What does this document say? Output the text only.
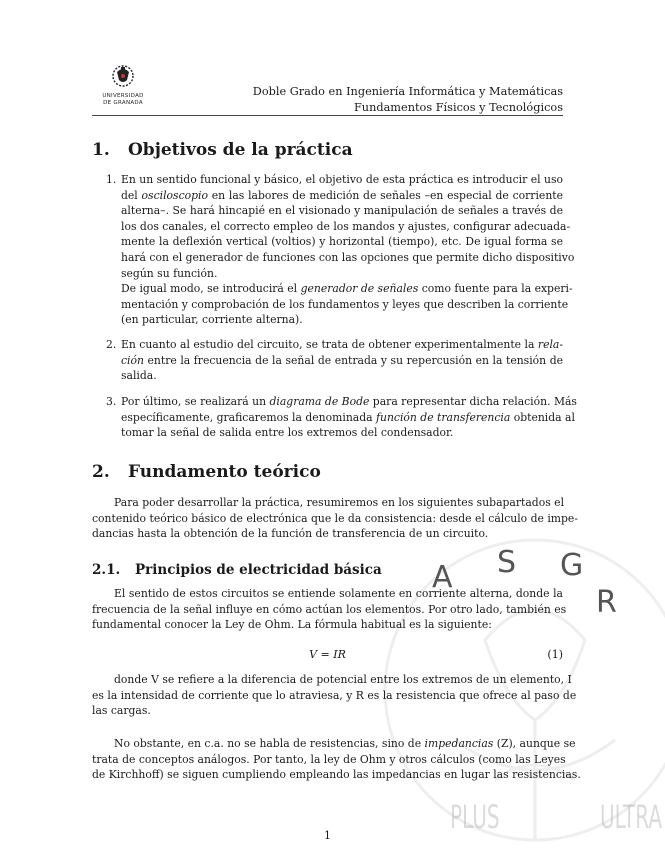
A S G
R
PLUS	ULTRA
UNIVERSIDAD
DE GRANADA
Doble Grado en Ingeniería Informática y Matemáticas
Fundamentos Físicos y Tecnológicos
1. Objetivos de la práctica
1. En un sentido funcional y básico, el objetivo de esta práctica es introducir el uso
del osciloscopio en las labores de medición de señales –en especial de corriente
alterna–. Se hará hincapié en el visionado y manipulación de señales a través de
los dos canales, el correcto empleo de los mandos y ajustes, configurar adecuada-
mente la deflexión vertical (voltios) y horizontal (tiempo), etc. De igual forma se
hará con el generador de funciones con las opciones que permite dicho dispositivo
según su función.
De igual modo, se introducirá el generador de señales como fuente para la experi-
mentación y comprobación de los fundamentos y leyes que describen la corriente
(en particular, corriente alterna).
2. En cuanto al estudio del circuito, se trata de obtener experimentalmente la rela-
ción entre la frecuencia de la señal de entrada y su repercusión en la tensión de
salida.
3. Por último, se realizará un diagrama de Bode para representar dicha relación. Más
específicamente, graficaremos la denominada función de transferencia obtenida al
tomar la señal de salida entre los extremos del condensador.
2. Fundamento teórico
Para poder desarrollar la práctica, resumiremos en los siguientes subapartados el
contenido teórico básico de electrónica que le da consistencia: desde el cálculo de impe-
dancias hasta la obtención de la función de transferencia de un circuito.
2.1. Principios de electricidad básica
El sentido de estos circuitos se entiende solamente en corriente alterna, donde la
frecuencia de la señal influye en cómo actúan los elementos. Por otro lado, también es
fundamental conocer la Ley de Ohm. La fórmula habitual es la siguiente:
V = IR	(1)
donde V se refiere a la diferencia de potencial entre los extremos de un elemento, I
es la intensidad de corriente que lo atraviesa, y R es la resistencia que ofrece al paso de
las cargas.
No obstante, en c.a. no se habla de resistencias, sino de impedancias (Z), aunque se
trata de conceptos análogos. Por tanto, la ley de Ohm y otros cálculos (como las Leyes
de Kirchhoff) se siguen cumpliendo empleando las impedancias en lugar las resistencias.
1
